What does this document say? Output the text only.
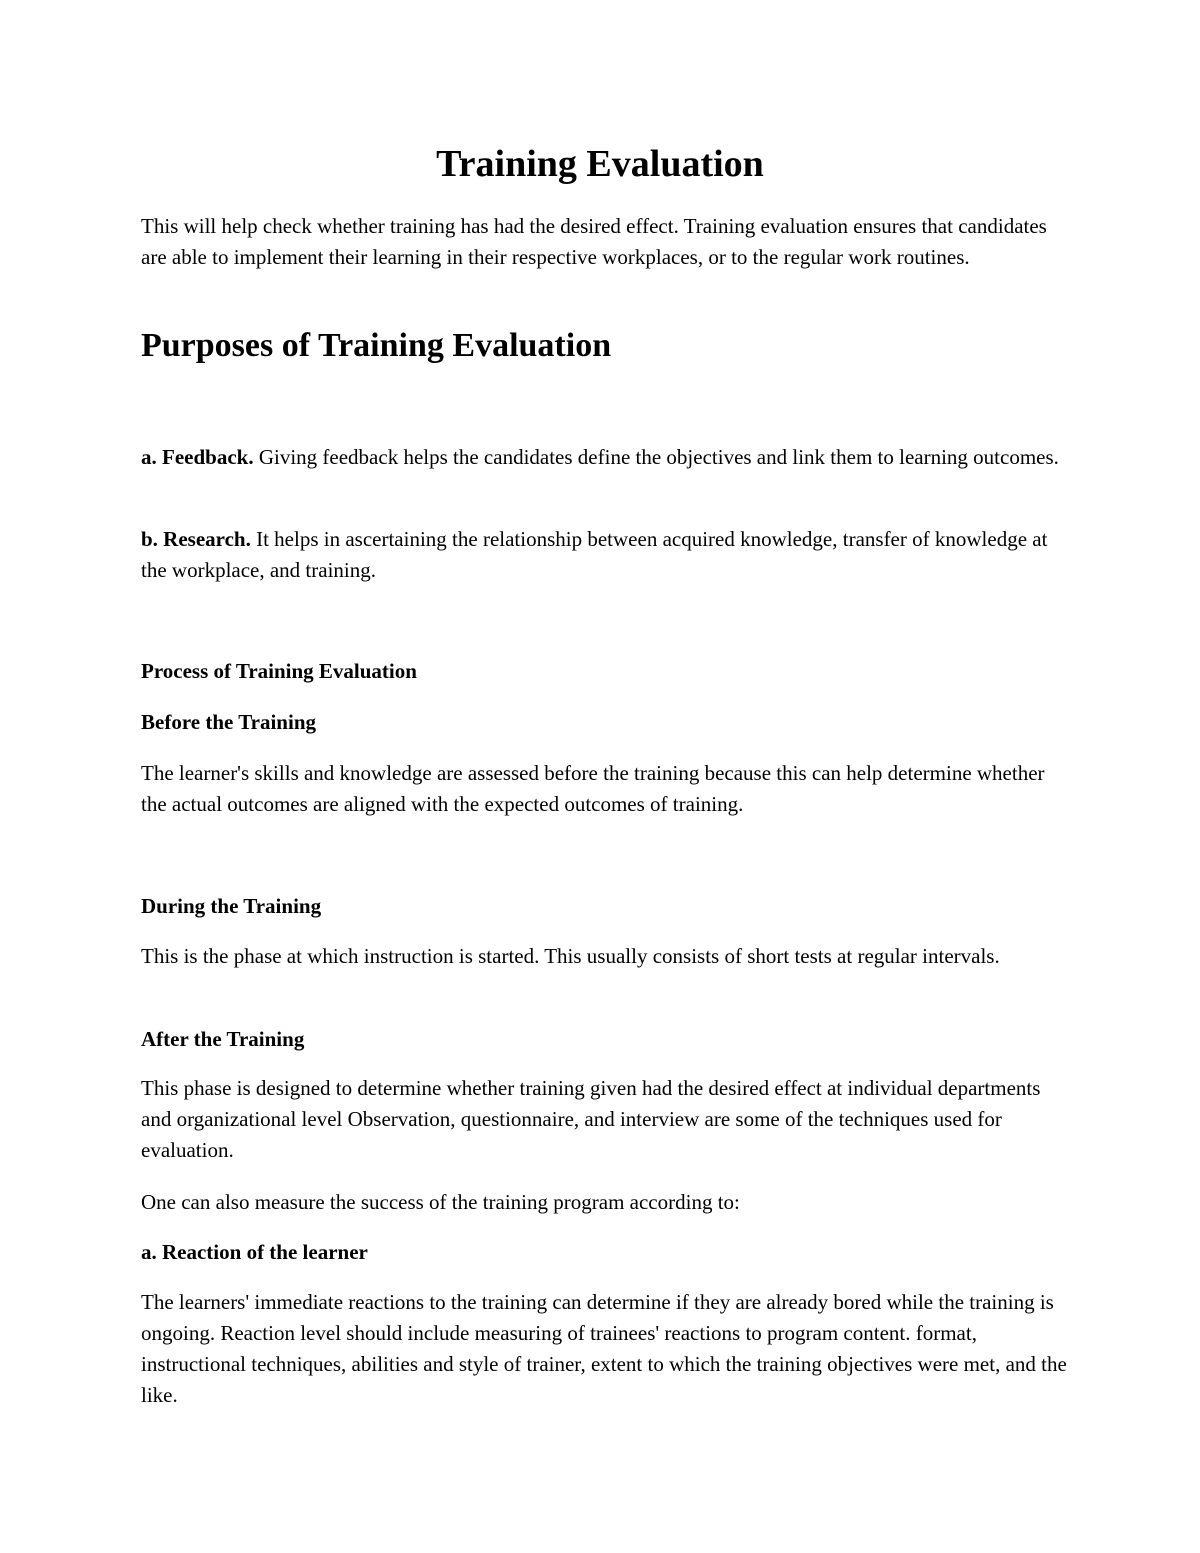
Training Evaluation

This will help check whether training has had the desired effect. Training evaluation ensures that candidates are able to implement their learning in their respective workplaces, or to the regular work routines.

Purposes of Training Evaluation

a. Feedback. Giving feedback helps the candidates define the objectives and link them to learning outcomes.

b. Research. It helps in ascertaining the relationship between acquired knowledge, transfer of knowledge at the workplace, and training.

Process of Training Evaluation
Before the Training

The learner's skills and knowledge are assessed before the training because this can help determine whether the actual outcomes are aligned with the expected outcomes of training.

During the Training

This is the phase at which instruction is started. This usually consists of short tests at regular intervals.

After the Training

This phase is designed to determine whether training given had the desired effect at individual departments and organizational level Observation, questionnaire, and interview are some of the techniques used for evaluation.

One can also measure the success of the training program according to:

a. Reaction of the learner

The learners' immediate reactions to the training can determine if they are already bored while the training is ongoing. Reaction level should include measuring of trainees' reactions to program content. format, instructional techniques, abilities and style of trainer, extent to which the training objectives were met, and the like.
